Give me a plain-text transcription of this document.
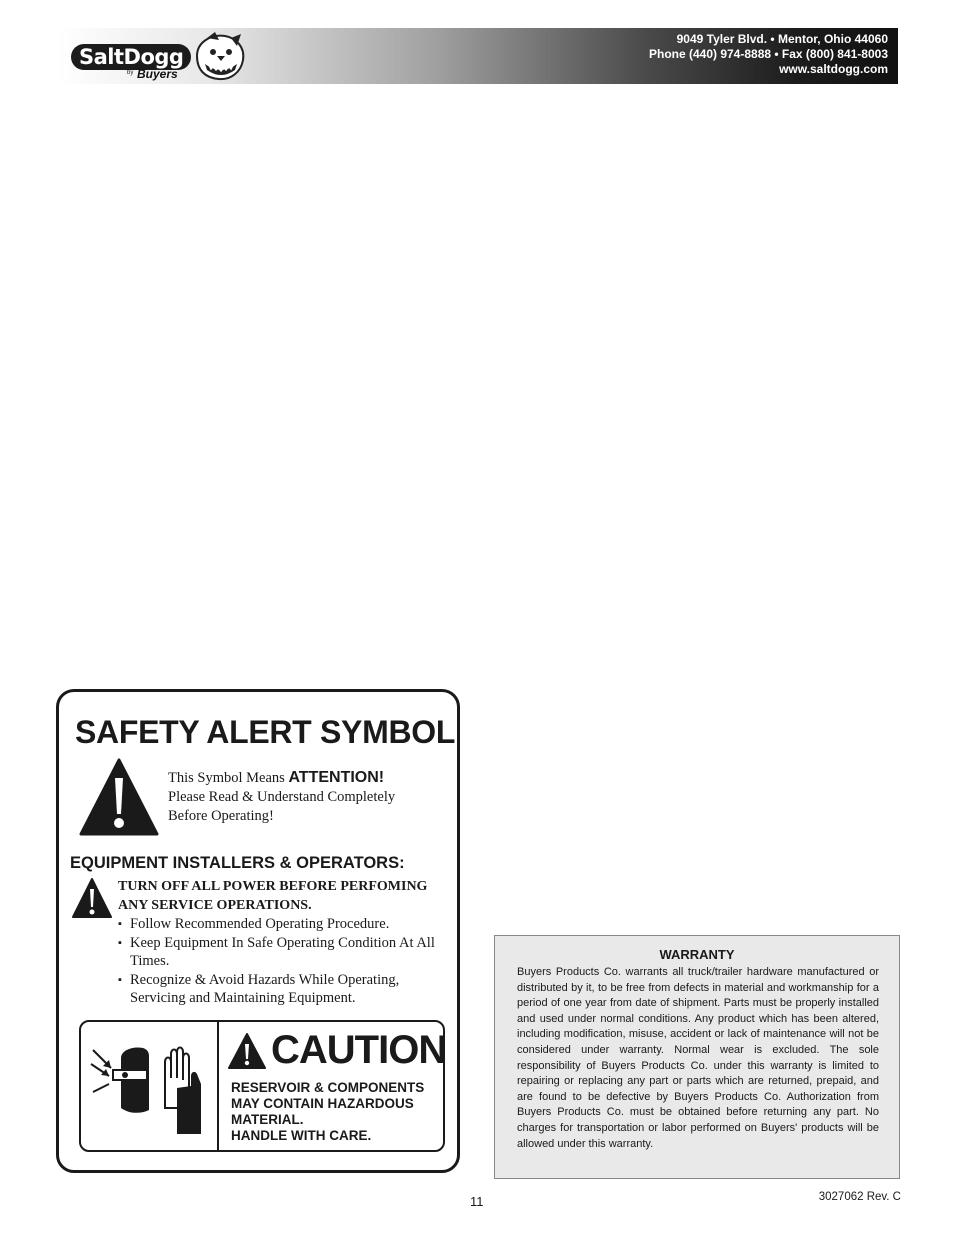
SaltDogg
by Buyers
9049 Tyler Blvd. • Mentor, Ohio 44060
Phone (440) 974-8888 • Fax (800) 841-8003
www.saltdogg.com
SAFETY ALERT SYMBOL
This Symbol Means ATTENTION!
Please Read & Understand Completely
Before Operating!
EQUIPMENT INSTALLERS & OPERATORS:
TURN OFF ALL POWER BEFORE PERFOMING
ANY SERVICE OPERATIONS.
▪ Follow Recommended Operating Procedure.
▪ Keep Equipment In Safe Operating Condition At All Times.
▪ Recognize & Avoid Hazards While Operating, Servicing and Maintaining Equipment.
CAUTION
RESERVOIR & COMPONENTS
MAY CONTAIN HAZARDOUS
MATERIAL.
HANDLE WITH CARE.
WARRANTY
Buyers Products Co. warrants all truck/trailer hardware manufactured or distributed by it, to be free from defects in material and workmanship for a period of one year from date of shipment. Parts must be properly installed and used under normal conditions. Any product which has been altered, including modification, misuse, accident or lack of maintenance will not be considered under warranty. Normal wear is excluded. The sole responsibility of Buyers Products Co. under this warranty is limited to repairing or replacing any part or parts which are returned, prepaid, and are found to be defective by Buyers Products Co. Authorization from Buyers Products Co. must be obtained before returning any part. No charges for transportation or labor performed on Buyers' products will be allowed under this warranty.
11	3027062 Rev. C
